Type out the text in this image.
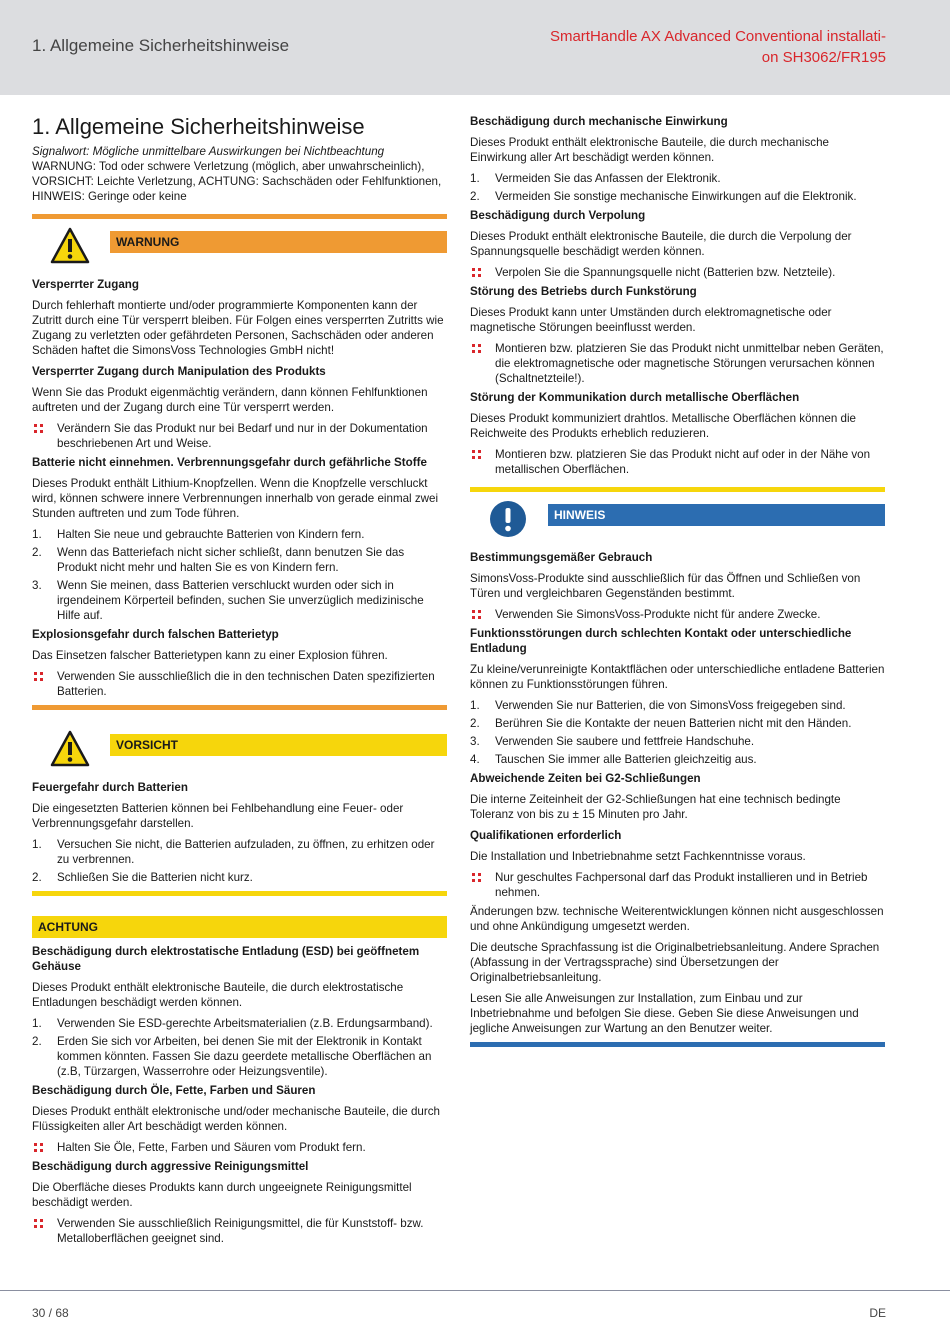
1. Allgemeine Sicherheitshinweise	SmartHandle AX Advanced Conventional installati-
on SH3062/FR195
1. Allgemeine Sicherheitshinweise

Signalwort: Mögliche unmittelbare Auswirkungen bei Nichtbeachtung

WARNUNG: Tod oder schwere Verletzung (möglich, aber unwahrscheinlich), VORSICHT: Leichte Verletzung, ACHTUNG: Sachschäden oder Fehlfunktionen, HINWEIS: Geringe oder keine

WARNUNG
Versperrter Zugang

Durch fehlerhaft montierte und/oder programmierte Komponenten kann der Zutritt durch eine Tür versperrt bleiben. Für Folgen eines versperrten Zutritts wie Zugang zu verletzten oder gefährdeten Personen, Sachschäden oder anderen Schäden haftet die SimonsVoss Technologies GmbH nicht!

Versperrter Zugang durch Manipulation des Produkts

Wenn Sie das Produkt eigenmächtig verändern, dann können Fehlfunktionen auftreten und der Zugang durch eine Tür versperrt werden.

Verändern Sie das Produkt nur bei Bedarf und nur in der Dokumentation beschriebenen Art und Weise.
Batterie nicht einnehmen. Verbrennungsgefahr durch gefährliche Stoffe

Dieses Produkt enthält Lithium-Knopfzellen. Wenn die Knopfzelle verschluckt wird, können schwere innere Verbrennungen innerhalb von gerade einmal zwei Stunden auftreten und zum Tode führen.

1. Halten Sie neue und gebrauchte Batterien von Kindern fern.
2. Wenn das Batteriefach nicht sicher schließt, dann benutzen Sie das Produkt nicht mehr und halten Sie es von Kindern fern.
3. Wenn Sie meinen, dass Batterien verschluckt wurden oder sich in irgendeinem Körperteil befinden, suchen Sie unverzüglich medizinische Hilfe auf.
Explosionsgefahr durch falschen Batterietyp

Das Einsetzen falscher Batterietypen kann zu einer Explosion führen.

Verwenden Sie ausschließlich die in den technischen Daten spezifizierten Batterien.
VORSICHT
Feuergefahr durch Batterien

Die eingesetzten Batterien können bei Fehlbehandlung eine Feuer- oder Verbrennungsgefahr darstellen.

1. Versuchen Sie nicht, die Batterien aufzuladen, zu öffnen, zu erhitzen oder zu verbrennen.
2. Schließen Sie die Batterien nicht kurz.
ACHTUNG
Beschädigung durch elektrostatische Entladung (ESD) bei geöffnetem Gehäuse

Dieses Produkt enthält elektronische Bauteile, die durch elektrostatische Entladungen beschädigt werden können.

1. Verwenden Sie ESD-gerechte Arbeitsmaterialien (z.B. Erdungsarmband).
2. Erden Sie sich vor Arbeiten, bei denen Sie mit der Elektronik in Kontakt kommen könnten. Fassen Sie dazu geerdete metallische Oberflächen an (z.B, Türzargen, Wasserrohre oder Heizungsventile).
Beschädigung durch Öle, Fette, Farben und Säuren

Dieses Produkt enthält elektronische und/oder mechanische Bauteile, die durch Flüssigkeiten aller Art beschädigt werden können.

Halten Sie Öle, Fette, Farben und Säuren vom Produkt fern.
Beschädigung durch aggressive Reinigungsmittel

Die Oberfläche dieses Produkts kann durch ungeeignete Reinigungsmittel beschädigt werden.

Verwenden Sie ausschließlich Reinigungsmittel, die für Kunststoff- bzw. Metalloberflächen geeignet sind.
Beschädigung durch mechanische Einwirkung

Dieses Produkt enthält elektronische Bauteile, die durch mechanische Einwirkung aller Art beschädigt werden können.

1. Vermeiden Sie das Anfassen der Elektronik.
2. Vermeiden Sie sonstige mechanische Einwirkungen auf die Elektronik.
Beschädigung durch Verpolung

Dieses Produkt enthält elektronische Bauteile, die durch die Verpolung der Spannungsquelle beschädigt werden können.

Verpolen Sie die Spannungsquelle nicht (Batterien bzw. Netzteile).
Störung des Betriebs durch Funkstörung

Dieses Produkt kann unter Umständen durch elektromagnetische oder magnetische Störungen beeinflusst werden.

Montieren bzw. platzieren Sie das Produkt nicht unmittelbar neben Geräten, die elektromagnetische oder magnetische Störungen verursachen können (Schaltnetzteile!).
Störung der Kommunikation durch metallische Oberflächen

Dieses Produkt kommuniziert drahtlos. Metallische Oberflächen können die Reichweite des Produkts erheblich reduzieren.

Montieren bzw. platzieren Sie das Produkt nicht auf oder in der Nähe von metallischen Oberflächen.
HINWEIS
Bestimmungsgemäßer Gebrauch

SimonsVoss-Produkte sind ausschließlich für das Öffnen und Schließen von Türen und vergleichbaren Gegenständen bestimmt.

Verwenden Sie SimonsVoss-Produkte nicht für andere Zwecke.
Funktionsstörungen durch schlechten Kontakt oder unterschiedliche Entladung

Zu kleine/verunreinigte Kontaktflächen oder unterschiedliche entladene Batterien können zu Funktionsstörungen führen.

1. Verwenden Sie nur Batterien, die von SimonsVoss freigegeben sind.
2. Berühren Sie die Kontakte der neuen Batterien nicht mit den Händen.
3. Verwenden Sie saubere und fettfreie Handschuhe.
4. Tauschen Sie immer alle Batterien gleichzeitig aus.
Abweichende Zeiten bei G2-Schließungen

Die interne Zeiteinheit der G2-Schließungen hat eine technisch bedingte Toleranz von bis zu ± 15 Minuten pro Jahr.

Qualifikationen erforderlich

Die Installation und Inbetriebnahme setzt Fachkenntnisse voraus.

Nur geschultes Fachpersonal darf das Produkt installieren und in Betrieb nehmen.

Änderungen bzw. technische Weiterentwicklungen können nicht ausgeschlossen und ohne Ankündigung umgesetzt werden.

Die deutsche Sprachfassung ist die Originalbetriebsanleitung. Andere Sprachen (Abfassung in der Vertragssprache) sind Übersetzungen der Originalbetriebsanleitung.

Lesen Sie alle Anweisungen zur Installation, zum Einbau und zur Inbetriebnahme und befolgen Sie diese. Geben Sie diese Anweisungen und jegliche Anweisungen zur Wartung an den Benutzer weiter.

30 / 68	DE
